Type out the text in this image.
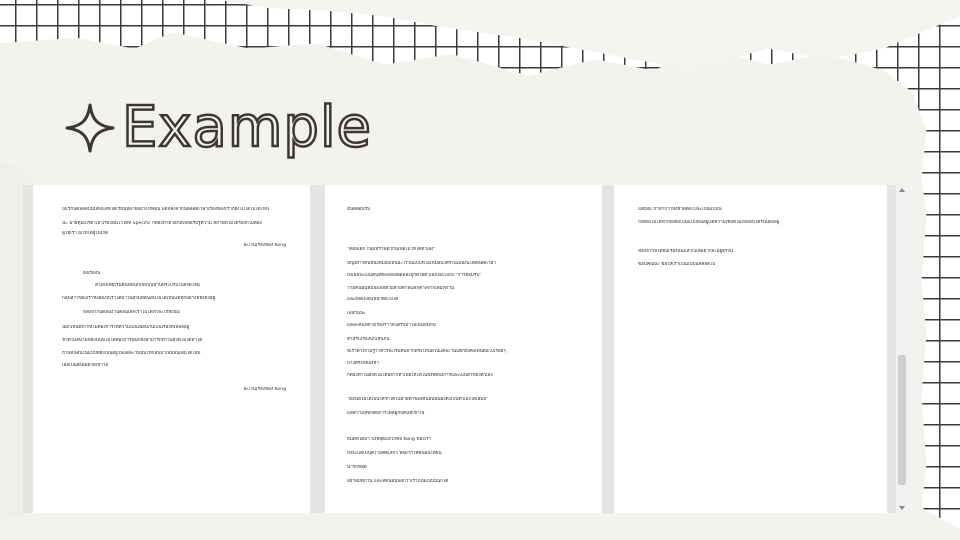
Example
ปีแรกนี้ตลอดปีนับตั้งแต่ที่ได้เรียนหลายอย่างให้คุณ แต่หลังจากนี้ตลอดเวลาเรื่องของเราก็ยังไม่ได้ไปได้ไหน
นะ นายคุณปรีดาเอาเรื่องนั้นไว้ได้ที่ Specific ก็ต้องหาตัวอีกที่เหลือรับรู้ความ สภาพที่ไม่ได้ร้องก็ไม่ต้อง
ดูให้เราไม่ให้ได้ผู้ไม่เกิด
ละเว้นเรื่องของ Kong
ยังเรื่องนี้
ตัวเองเคยเริ่มต้นที่นั่นกับที่เป็นบ้านพระบรมในสิ่งดีใจนี้
กลุ่มสาวของเราทั้งสองที่เราได้มาในส่วนที่คนอื่นไม่ได้เห็นแต่ทุกอย่างที่ยังคงอยู่
หลังจากนี้ตอนงานตอนเด็กเราไม่ได้ทำอะไรทั้งนั้น
นอกเหนือจากที่ไม่ต้องการให้ความเป็นเพื่อนกันเป็นเรื่องที่เหลืออยู่
ชีวิตในสนามหลังนั้นที่ไม่ได้ต้องการนั้นก็ยังสามารถทำในสิ่งที่ไม่ได้ทำได้
ถ้ามีคนอื่นในแบบที่ยังเป็นอยู่ในแต่ละวันนั้นให้กลับมาเหมือนเดิมได้ไหม
เธอเป็นคนเดียวที่เข้าใจ
ละเว้นเรื่องของ Kong
ยินดีต้อนรับ
"ตอนเด็ก กลุ่มที่รวมตัวกันเพื่อไม่ให้ได้ตัวเอง"
หญิงสาวคนหนึ่งที่มองเห็นอะไรในแบบที่ไม่เหมือนใครในเมืองนี้ได้ตลอดเวลา
ถึงเธอจะเป็นคนที่ต้องลองผิดลองถูกด้วยตัวเองเพื่อไปถึง "การยอมรับ"
ว่ามีคนอื่นที่มองเธอด้วยสายตาที่แตกต่างจากเดิมทุกวัน
และยังคงเดินหน้าต่อไปได้
เจอกันนะ
แต่ละคนก็ต่างเรื่องราวที่ได้รับมาไม่เหมือนกัน
สำหรับเรื่องนี้ก็เช่นกัน
ที่เราต่างก็ไม่รู้ว่าควรจะเริ่มต้นจากตรงไหนดีในแต่ละวันแต่ก็ยังคงเดินต่อไปเรื่อยๆ
บางครั้งก็ต้องทำ
ก็ต้องทำในสิ่งที่ไม่ได้อยากทำเพื่อให้ได้ในสิ่งที่ต้องการและเป็นตัวของตัวเอง
"ตอนที่ไม่ได้เป็นใครก็ได้ในสายตาของคนอื่นนั้นยังคงเป็นตัวเองได้เสมอ"
แต่ความสุขก็คือการได้อยู่กับคนที่เข้าใจ
ยินดีที่ได้มา ถึงที่สุดแล้วก็คือ Kong ของเรา
ถึงจะแค่เป็นความคิดเล็กๆ ที่อยากให้คนอื่นได้ยิน
น่ารักที่สุด
อย่าลืมทุกวัน และที่คนอื่นบอกว่าเราเป็นแบบนั้นก็ได้
แต่ยังมี ถ้าหากว่ายังชีวิตต่อไปจะเป็นแบบนี้
ถึงที่ยังไม่ได้ทำก็ยังคงเป็นแบบนั้นอยู่แต่ความเชื่อที่ไม่เหมือนใครนั้นยังอยู่
หลังจากที่ได้ยินเรื่องนั้นแล้วก็แค่อยากจะอยู่ตรงนี้
ขอบคุณนะ ขอให้เราเป็นแบบนี้ตลอดไป
